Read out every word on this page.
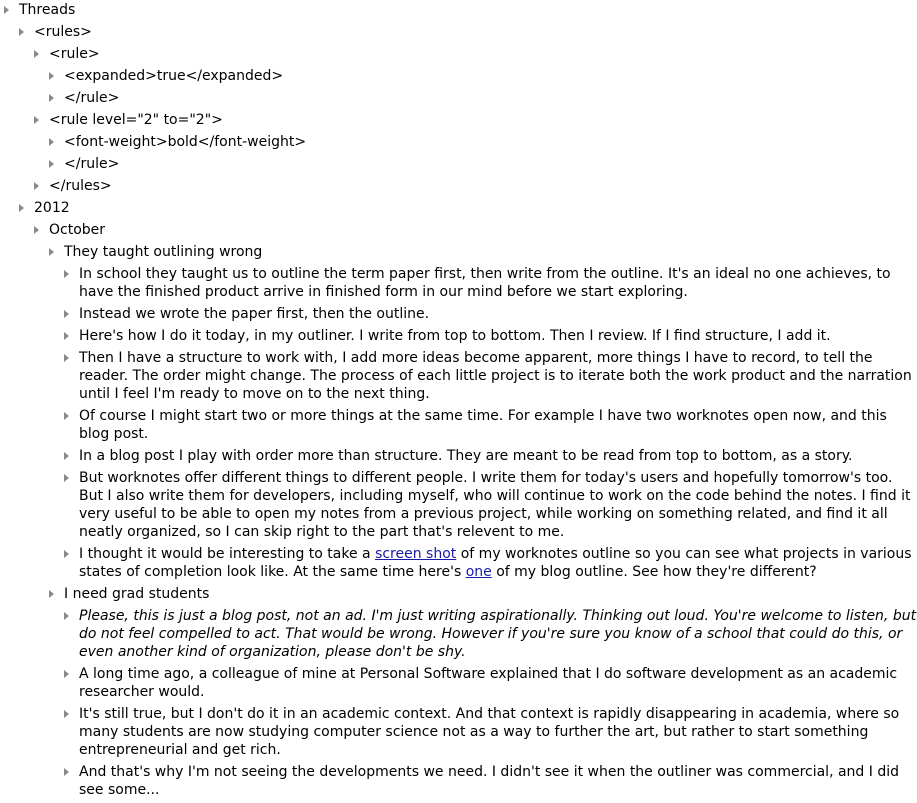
Threads
<rules>
<rule>
<expanded>true</expanded>
</rule>
<rule level="2" to="2">
<font-weight>bold</font-weight>
</rule>
</rules>
2012
October
They taught outlining wrong
In school they taught us to outline the term paper first, then write from the outline. It's an ideal no one achieves, to have the finished product arrive in finished form in our mind before we start exploring.
Instead we wrote the paper first, then the outline.
Here's how I do it today, in my outliner. I write from top to bottom. Then I review. If I find structure, I add it.
Then I have a structure to work with, I add more ideas become apparent, more things I have to record, to tell the reader. The order might change. The process of each little project is to iterate both the work product and the narration until I feel I'm ready to move on to the next thing.
Of course I might start two or more things at the same time. For example I have two worknotes open now, and this blog post.
In a blog post I play with order more than structure. They are meant to be read from top to bottom, as a story.
But worknotes offer different things to different people. I write them for today's users and hopefully tomorrow's too. But I also write them for developers, including myself, who will continue to work on the code behind the notes. I find it very useful to be able to open my notes from a previous project, while working on something related, and find it all neatly organized, so I can skip right to the part that's relevent to me.
I thought it would be interesting to take a screen shot of my worknotes outline so you can see what projects in various states of completion look like. At the same time here's one of my blog outline. See how they're different?
I need grad students
Please, this is just a blog post, not an ad. I'm just writing aspirationally. Thinking out loud. You're welcome to listen, but do not feel compelled to act. That would be wrong. However if you're sure you know of a school that could do this, or even another kind of organization, please don't be shy.
A long time ago, a colleague of mine at Personal Software explained that I do software development as an academic researcher would.
It's still true, but I don't do it in an academic context. And that context is rapidly disappearing in academia, where so many students are now studying computer science not as a way to further the art, but rather to start something entrepreneurial and get rich.
And that's why I'm not seeing the developments we need. I didn't see it when the outliner was commercial, and I did see some...
